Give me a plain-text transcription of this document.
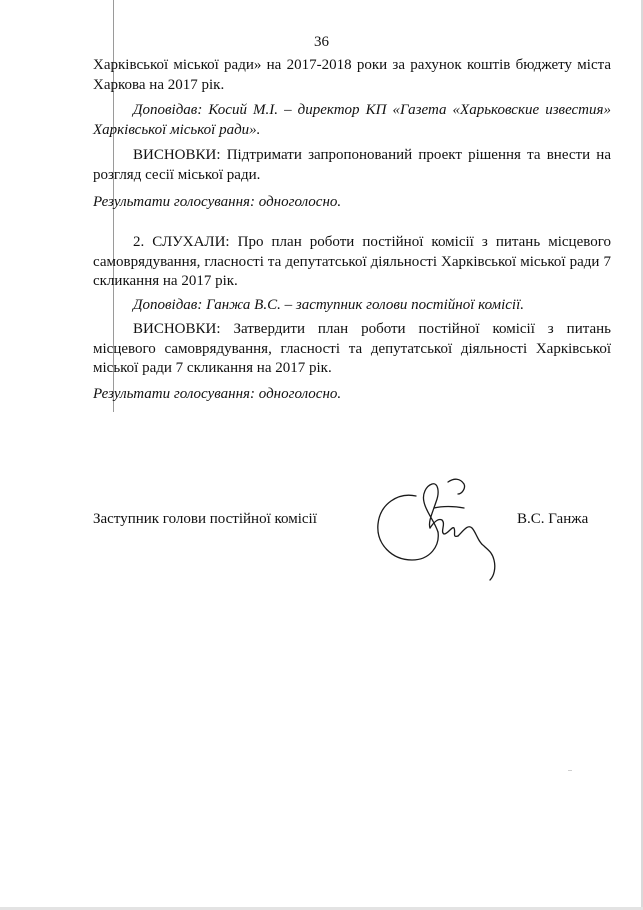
36

Харківської міської ради» на 2017-2018 роки за рахунок коштів бюджету міста Харкова на 2017 рік.

Доповідав: Косий М.І. – директор КП «Газета «Харьковские известия» Харківської міської ради».

ВИСНОВКИ: Підтримати запропонований проект рішення та внести на розгляд сесії міської ради.

Результати голосування: одноголосно.

2. СЛУХАЛИ: Про план роботи постійної комісії з питань місцевого самоврядування, гласності та депутатської діяльності Харківської міської ради 7 скликання на 2017 рік.

Доповідав: Ганжа В.С. – заступник голови постійної комісії.

ВИСНОВКИ: Затвердити план роботи постійної комісії з питань місцевого самоврядування, гласності та депутатської діяльності Харківської міської ради 7 скликання на 2017 рік.

Результати голосування: одноголосно.

Заступник голови постійної комісії	В.С. Ганжа
